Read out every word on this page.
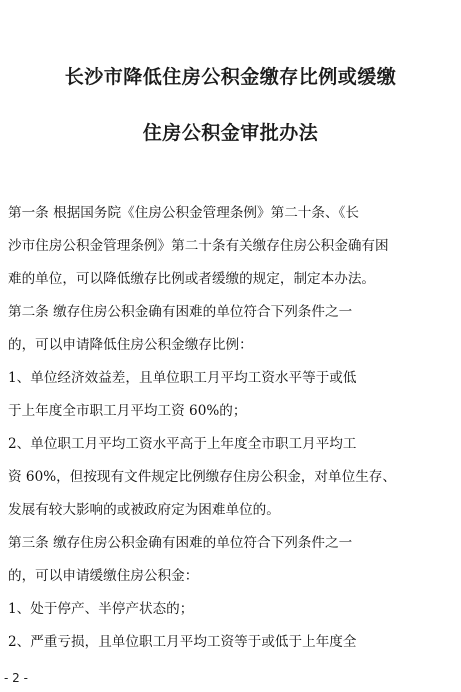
长沙市降低住房公积金缴存比例或缓缴
住房公积金审批办法
第一条 根据国务院《住房公积金管理条例》第二十条、《长
沙市住房公积金管理条例》第二十条有关缴存住房公积金确有困
难的单位，可以降低缴存比例或者缓缴的规定，制定本办法。
第二条 缴存住房公积金确有困难的单位符合下列条件之一
的，可以申请降低住房公积金缴存比例：
1、单位经济效益差，且单位职工月平均工资水平等于或低
于上年度全市职工月平均工资 60%的；
2、单位职工月平均工资水平高于上年度全市职工月平均工
资 60%，但按现有文件规定比例缴存住房公积金，对单位生存、
发展有较大影响的或被政府定为困难单位的。
第三条 缴存住房公积金确有困难的单位符合下列条件之一
的，可以申请缓缴住房公积金：
1、处于停产、半停产状态的；
2、严重亏损，且单位职工月平均工资等于或低于上年度全
- 2 -
